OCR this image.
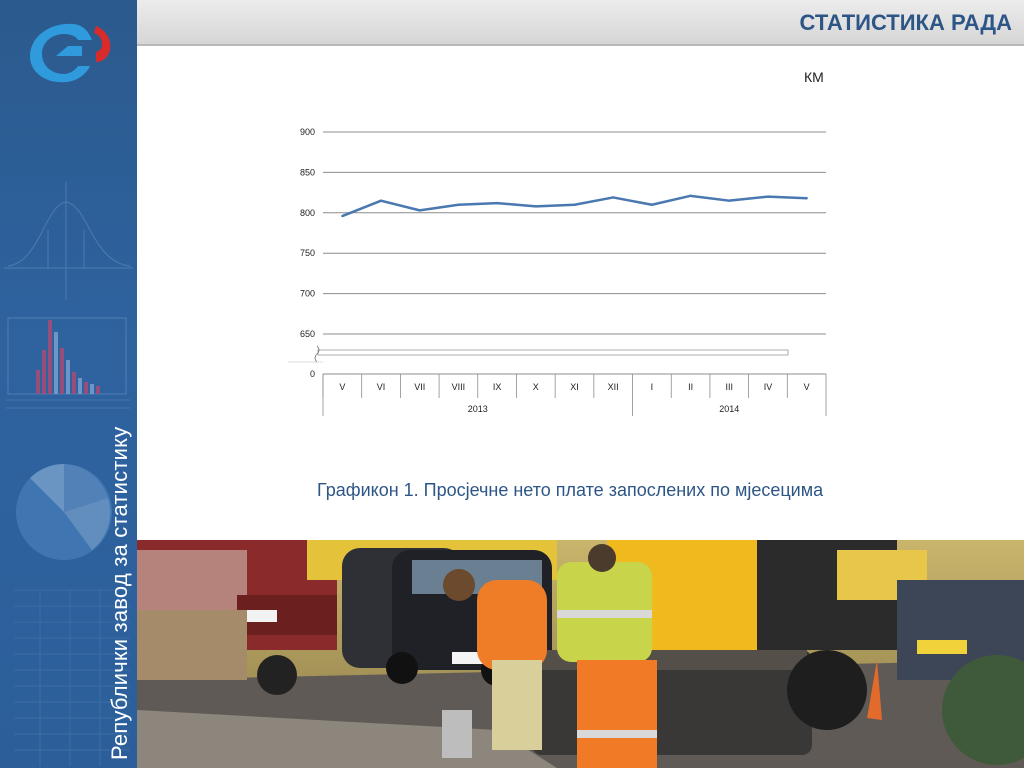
Републички завод за статистику
СТАТИСТИКА РАДА
КМ
0
650
700
750
800
850
900
V	VI	VII	VIII	IX	X	XI	XII	I	II	III	IV	V
2013	2014
Графикон 1. Просјечне нето плате запослених по мјесецима
